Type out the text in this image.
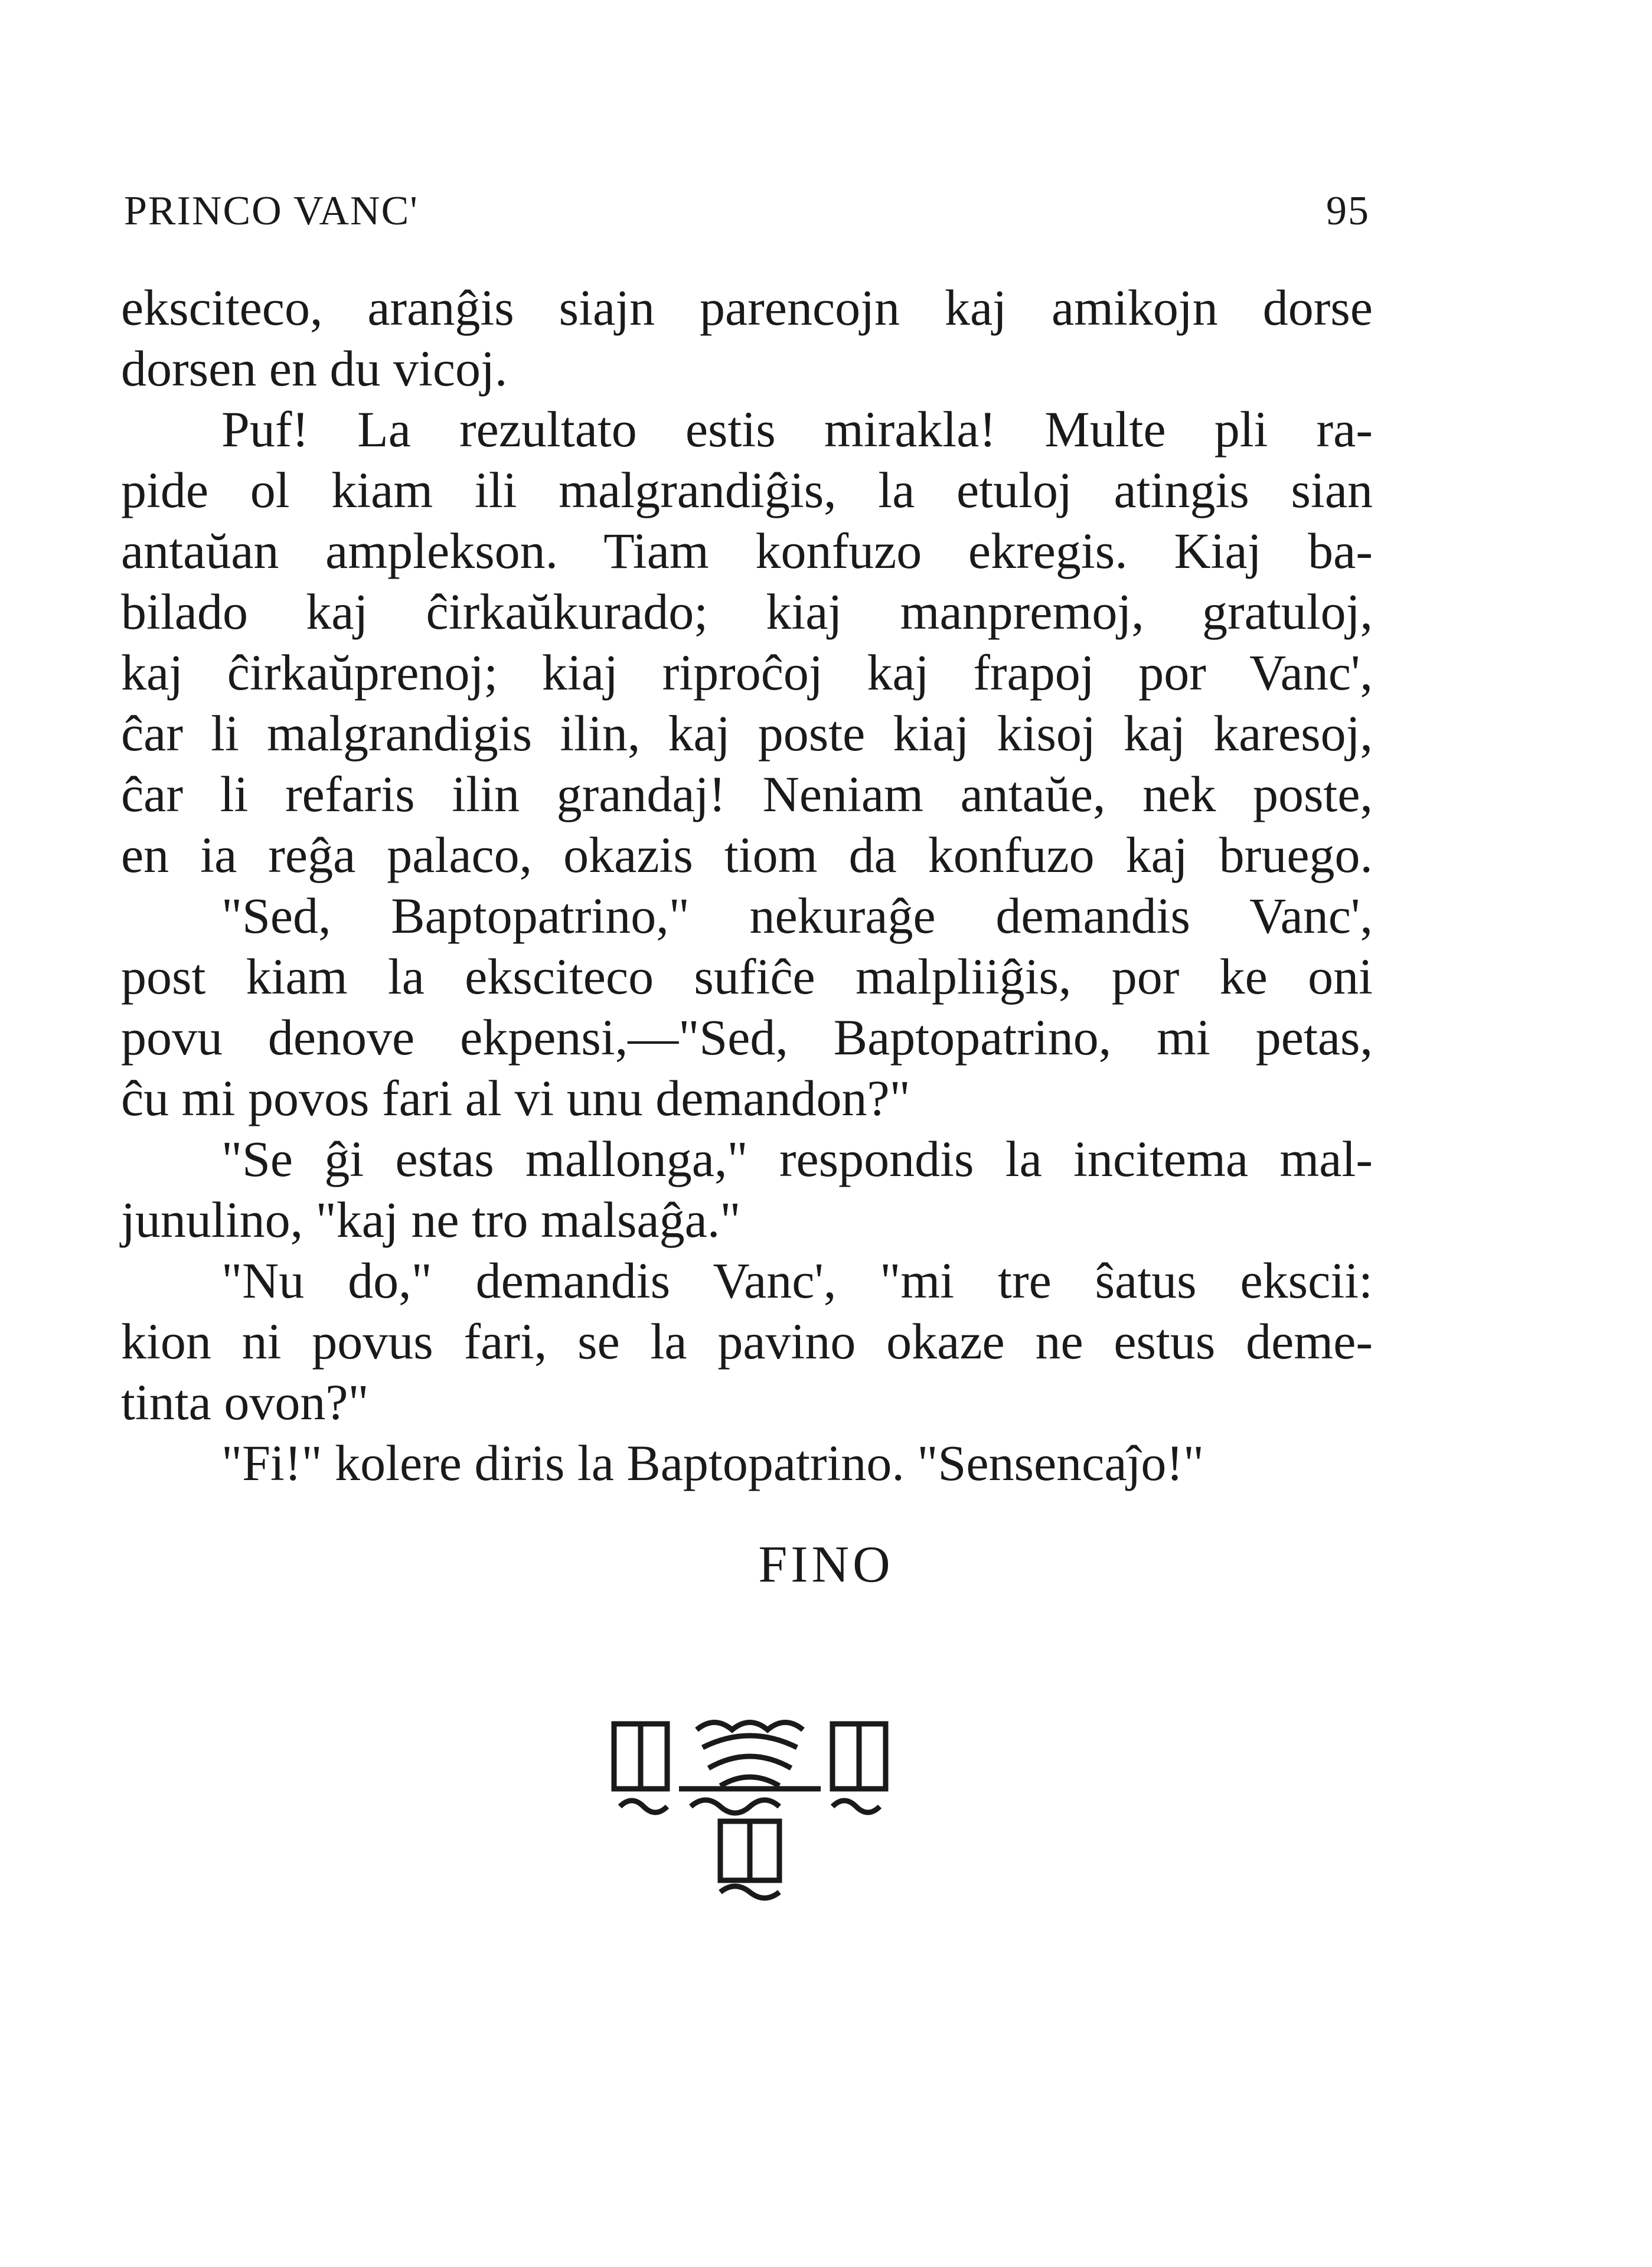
PRINCO VANC'	95
eksciteco, aranĝis siajn parencojn kaj amikojn dorse
dorsen en du vicoj.
Puf! La rezultato estis mirakla! Multe pli ra-
pide ol kiam ili malgrandiĝis, la etuloj atingis sian
antaŭan amplekson. Tiam konfuzo ekregis. Kiaj ba-
bilado kaj ĉirkaŭkurado; kiaj manpremoj, gratuloj,
kaj ĉirkaŭprenoj; kiaj riproĉoj kaj frapoj por Vanc',
ĉar li malgrandigis ilin, kaj poste kiaj kisoj kaj karesoj,
ĉar li refaris ilin grandaj! Neniam antaŭe, nek poste,
en ia reĝa palaco, okazis tiom da konfuzo kaj bruego.
"Sed, Baptopatrino," nekuraĝe demandis Vanc',
post kiam la eksciteco sufiĉe malpliiĝis, por ke oni
povu denove ekpensi,—"Sed, Baptopatrino, mi petas,
ĉu mi povos fari al vi unu demandon?"
"Se ĝi estas mallonga," respondis la incitema mal-
junulino, "kaj ne tro malsaĝa."
"Nu do," demandis Vanc', "mi tre ŝatus ekscii:
kion ni povus fari, se la pavino okaze ne estus deme-
tinta ovon?"
"Fi!" kolere diris la Baptopatrino. "Sensencaĵo!"
FINO
